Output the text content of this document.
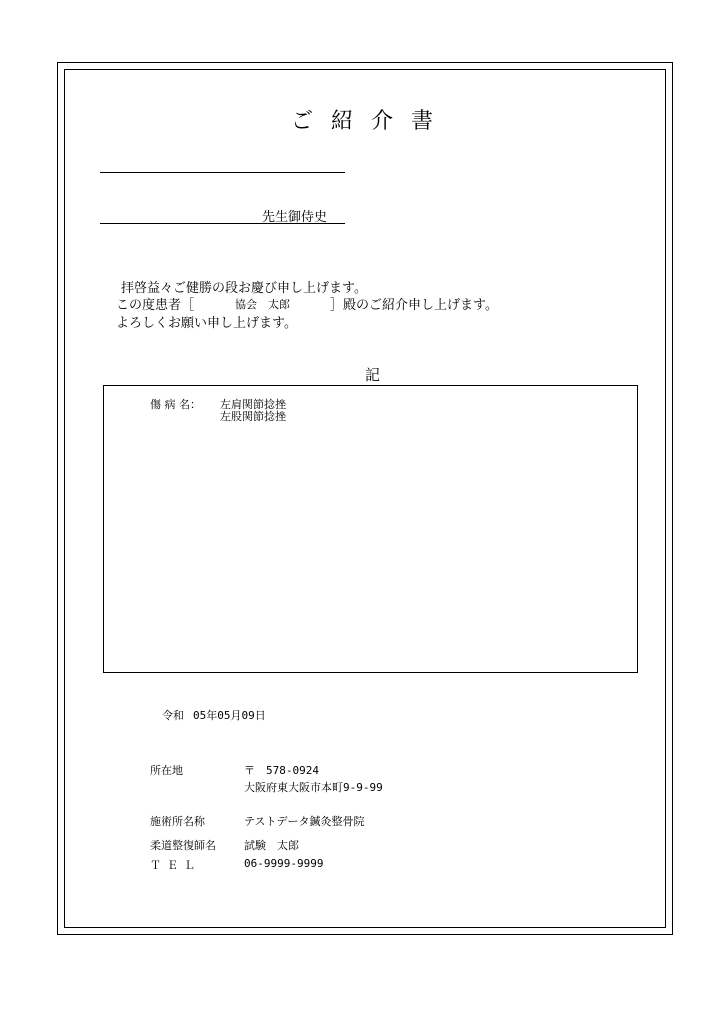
ご紹介書
先生御侍史
拝啓益々ご健勝の段お慶び申し上げます。
この度患者［	協会　太郎	］殿のご紹介申し上げます。
よろしくお願い申し上げます。
記
傷 病 名： 左肩関節捻挫
左股関節捻挫
令和 05年05月09日
所在地	〒　578-0924
大阪府東大阪市本町9-9-99
施術所名称	テストデータ鍼灸整骨院
柔道整復師名	試験　太郎
ＴＥＬ	06-9999-9999
